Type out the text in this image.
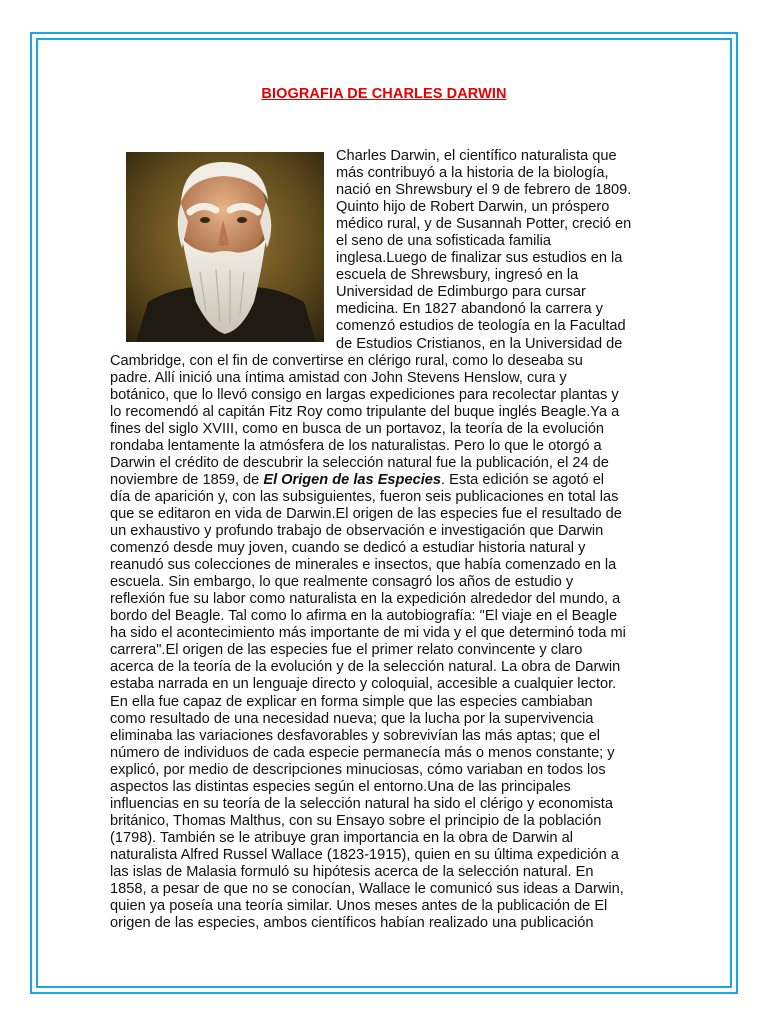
BIOGRAFIA DE CHARLES DARWIN
Charles Darwin, el científico naturalista que
más contribuyó a la historia de la biología,
nació en Shrewsbury el 9 de febrero de 1809.
Quinto hijo de Robert Darwin, un próspero
médico rural, y de Susannah Potter, creció en
el seno de una sofisticada familia
inglesa.Luego de finalizar sus estudios en la
escuela de Shrewsbury, ingresó en la
Universidad de Edimburgo para cursar
medicina. En 1827 abandonó la carrera y
comenzó estudios de teología en la Facultad
de Estudios Cristianos, en la Universidad de
Cambridge, con el fin de convertirse en clérigo rural, como lo deseaba su
padre. Allí inició una íntima amistad con John Stevens Henslow, cura y
botánico, que lo llevó consigo en largas expediciones para recolectar plantas y
lo recomendó al capitán Fitz Roy como tripulante del buque inglés Beagle.Ya a
fines del siglo XVIII, como en busca de un portavoz, la teoría de la evolución
rondaba lentamente la atmósfera de los naturalistas. Pero lo que le otorgó a
Darwin el crédito de descubrir la selección natural fue la publicación, el 24 de
noviembre de 1859, de El Origen de las Especies. Esta edición se agotó el
día de aparición y, con las subsiguientes, fueron seis publicaciones en total las
que se editaron en vida de Darwin.El origen de las especies fue el resultado de
un exhaustivo y profundo trabajo de observación e investigación que Darwin
comenzó desde muy joven, cuando se dedicó a estudiar historia natural y
reanudó sus colecciones de minerales e insectos, que había comenzado en la
escuela. Sin embargo, lo que realmente consagró los años de estudio y
reflexión fue su labor como naturalista en la expedición alrededor del mundo, a
bordo del Beagle. Tal como lo afirma en la autobiografía: "El viaje en el Beagle
ha sido el acontecimiento más importante de mi vida y el que determinó toda mi
carrera".El origen de las especies fue el primer relato convincente y claro
acerca de la teoría de la evolución y de la selección natural. La obra de Darwin
estaba narrada en un lenguaje directo y coloquial, accesible a cualquier lector.
En ella fue capaz de explicar en forma simple que las especies cambiaban
como resultado de una necesidad nueva; que la lucha por la supervivencia
eliminaba las variaciones desfavorables y sobrevivían las más aptas; que el
número de individuos de cada especie permanecía más o menos constante; y
explicó, por medio de descripciones minuciosas, cómo variaban en todos los
aspectos las distintas especies según el entorno.Una de las principales
influencias en su teoría de la selección natural ha sido el clérigo y economista
británico, Thomas Malthus, con su Ensayo sobre el principio de la población
(1798). También se le atribuye gran importancia en la obra de Darwin al
naturalista Alfred Russel Wallace (1823-1915), quien en su última expedición a
las islas de Malasia formuló su hipótesis acerca de la selección natural. En
1858, a pesar de que no se conocían, Wallace le comunicó sus ideas a Darwin,
quien ya poseía una teoría similar. Unos meses antes de la publicación de El
origen de las especies, ambos científicos habían realizado una publicación
